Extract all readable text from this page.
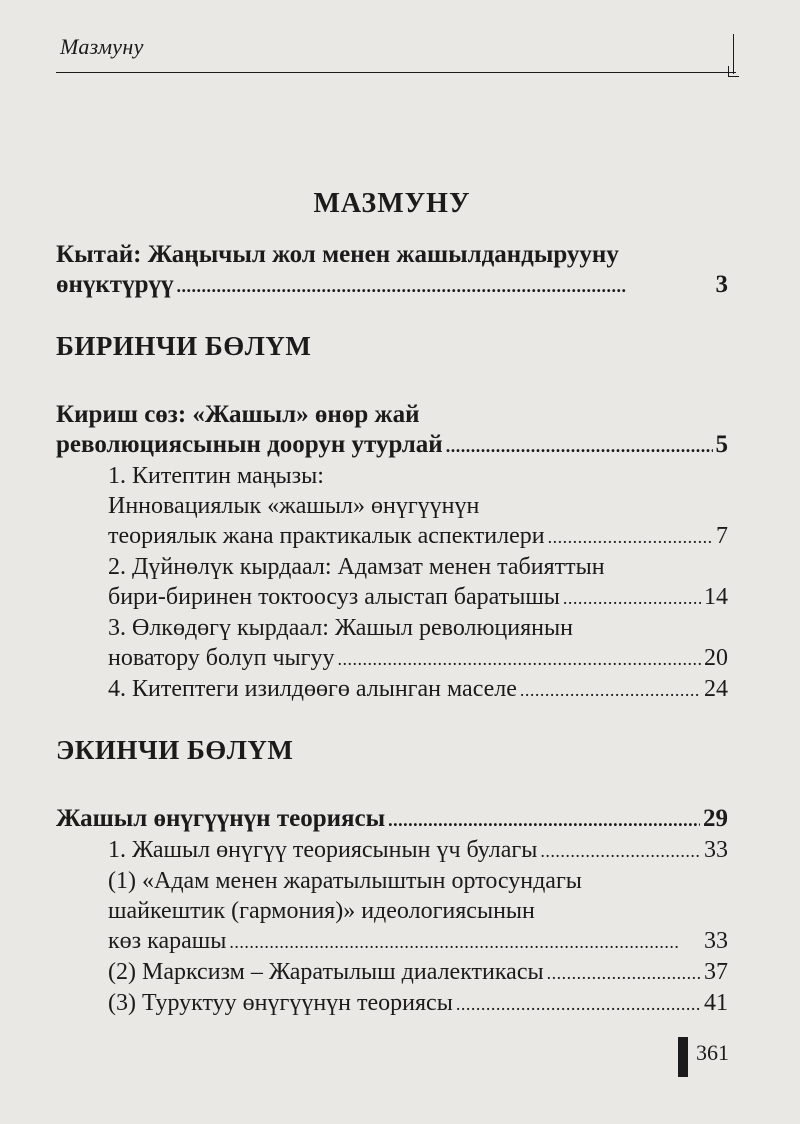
Мазмуну
МАЗМУНУ
Кытай: Жаңычыл жол менен жашылдандырууну
өнүктүрүү . . .	3
БИРИНЧИ БӨЛҮМ
Кириш сөз: «Жашыл» өнөр жай
революциясынын доорун утурлай . . .	5
1. Китептин маңызы:
Инновациялык «жашыл» өнүгүүнүн
теориялык жана практикалык аспектилери . . .	7
2. Дүйнөлүк кырдаал: Адамзат менен табияттын
бири-биринен токтоосуз алыстап баратышы . . .	14
3. Өлкөдөгү кырдаал: Жашыл революциянын
новатору болуп чыгуу . . .	20
4. Китептеги изилдөөгө алынган маселе . . .	24
ЭКИНЧИ БӨЛҮМ
Жашыл өнүгүүнүн теориясы . . .	29
1. Жашыл өнүгүү теориясынын үч булагы . . .	33
(1) «Адам менен жаратылыштын ортосундагы
шайкештик (гармония)» идеологиясынын
көз карашы . . .	33
(2) Марксизм – Жаратылыш диалектикасы . . .	37
(3) Туруктуу өнүгүүнүн теориясы . . .	41
361
